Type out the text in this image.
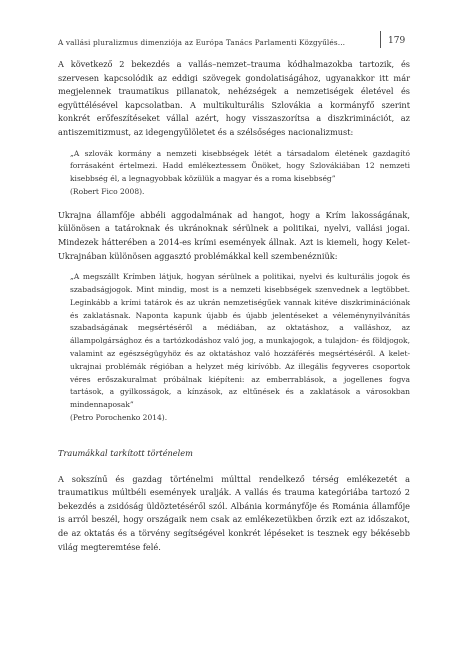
A vallási pluralizmus dimenziója az Európa Tanács Parlamenti Közgyűlés…	179

A következő 2 bekezdés a vallás–nemzet–trauma kódhalmazokba tartozik, és szervesen kapcsolódik az eddigi szövegek gondolatiságához, ugyanakkor itt már megjelennek traumatikus pillanatok, nehézségek a nemzetiségek életével és együttélésével kapcsolatban. A multikulturális Szlovákia a kormányfő szerint konkrét erőfeszítéseket vállal azért, hogy visszaszorítsa a diszkriminációt, az antiszemitizmust, az idegengyűlöletet és a szélsőséges nacionalizmust:

„A szlovák kormány a nemzeti kisebbségek létét a társadalom életének gazdagító forrásaként értelmezi. Hadd emlékeztessem Önöket, hogy Szlovákiában 12 nemzeti kisebbség él, a legnagyobbak közülük a magyar és a roma kisebbség”
(Robert Fico 2008).

Ukrajna államfője abbéli aggodalmának ad hangot, hogy a Krím lakosságának, különösen a tatároknak és ukránoknak sérülnek a politikai, nyelvi, vallási jogai. Mindezek hátterében a 2014-es krími események állnak. Azt is kiemeli, hogy Kelet-Ukrajnában különösen aggasztó problémákkal kell szembenézniük:

„A megszállt Krímben látjuk, hogyan sérülnek a politikai, nyelvi és kulturális jogok és szabadságjogok. Mint mindig, most is a nemzeti kisebbségek szenvednek a legtöbbet. Leginkább a krími tatárok és az ukrán nemzetiségűek vannak kitéve diszkriminációnak és zaklatásnak. Naponta kapunk újabb és újabb jelentéseket a véleménynyilvánítás szabadságának megsértéséről a médiában, az oktatáshoz, a valláshoz, az állampolgársághoz és a tartózkodáshoz való jog, a munkajogok, a tulajdon- és földjogok, valamint az egészségügyhöz és az oktatáshoz való hozzáférés megsértéséről. A kelet-ukrajnai problémák régióban a helyzet még kirívóbb. Az illegális fegyveres csoportok véres erőszakuralmat próbálnak kiépíteni: az emberrablások, a jogellenes fogva tartások, a gyilkosságok, a kínzások, az eltűnések és a zaklatások a városokban mindennaposak”
(Petro Porochenko 2014).

Traumákkal tarkított történelem

A sokszínű és gazdag történelmi múlttal rendelkező térség emlékezetét a traumatikus múltbéli események uralják. A vallás és trauma kategóriába tartozó 2 bekezdés a zsidóság üldöztetéséről szól. Albánia kormányfője és Románia államfője is arról beszél, hogy országaik nem csak az emlékezetükben őrzik ezt az időszakot, de az oktatás és a törvény segítségével konkrét lépéseket is tesznek egy békésebb világ megteremtése felé.
